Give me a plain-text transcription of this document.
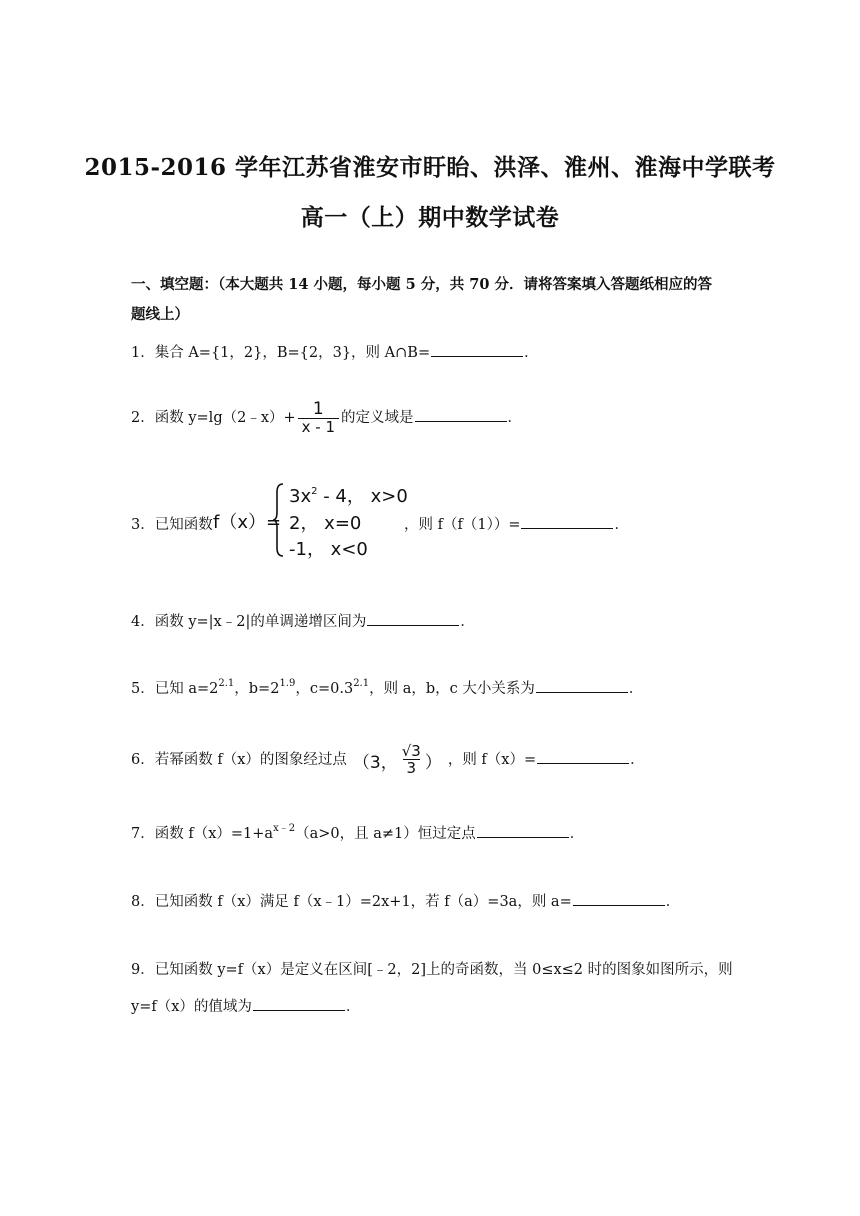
2015-2016 学年江苏省淮安市盱眙、洪泽、淮州、淮海中学联考
高一（上）期中数学试卷
一、填空题：（本大题共 14 小题，每小题 5 分，共 70 分．请将答案填入答题纸相应的答
题线上）
1．集合 A={1，2}，B={2，3}，则 A∩B=	．
2．函数 y=lg（2﹣x）+ $\frac{1}{x - 1}$ 的定义域是	．
3．已知函数 f（x）=
$3x^2 - 4$， x>0
2， x=0
-1， x<0
，则 f（f（1））=	．
4．函数 y=|x﹣2|的单调递增区间为	．
5．已知 $a=2^{2.1}$，$b=2^{1.9}$，$c=0.3^{2.1}$，则 a，b，c 大小关系为	．
6．若幂函数 f（x）的图象经过点 （3， $\frac{√3}{3}$ ） ，则 f（x）=	．
7．函数 $f(x)=1+a^{x﹣2}(a>0$，且 a≠1）恒过定点	．
8．已知函数 f（x）满足 f（x﹣1）=2x+1，若 f（a）=3a，则 a=	．
9．已知函数 y=f（x）是定义在区间[﹣2，2]上的奇函数，当 0≤x≤2 时的图象如图所示，则
y=f（x）的值域为	．
